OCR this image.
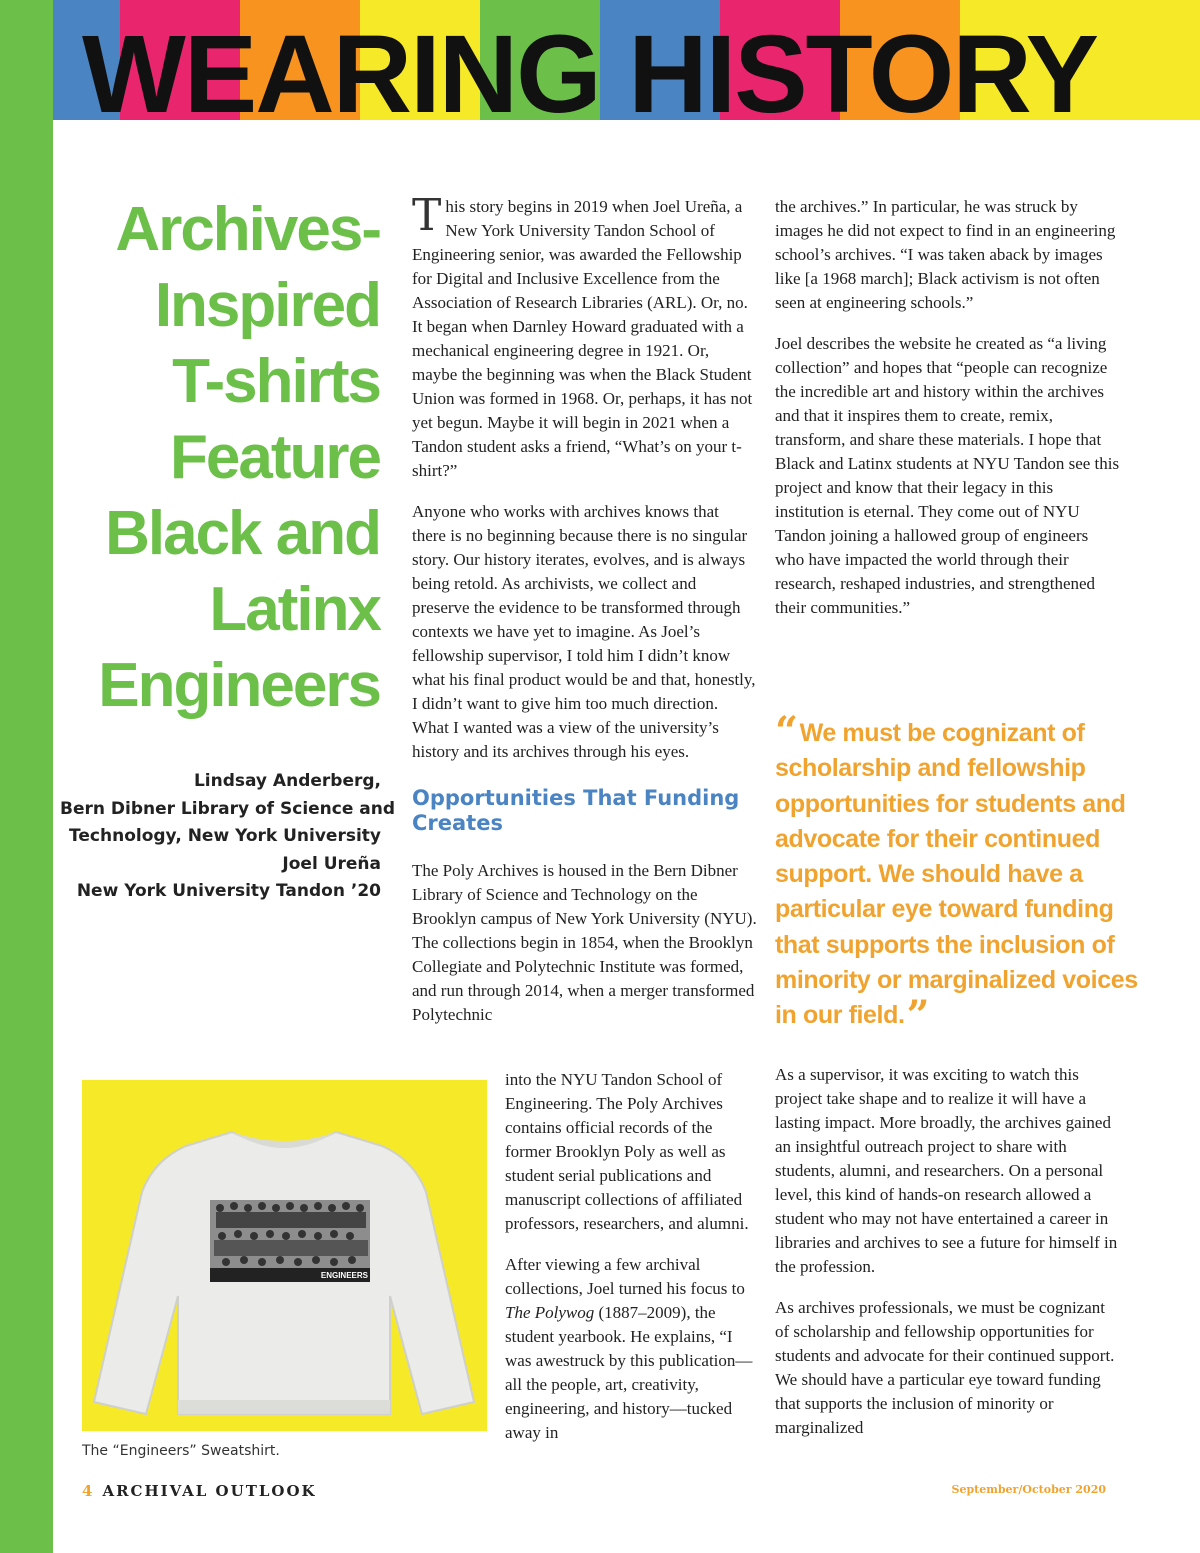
WEARING HISTORY
Archives-
Inspired
T-shirts
Feature
Black and
Latinx
Engineers
Lindsay Anderberg,
Bern Dibner Library of Science and
Technology, New York University
Joel Ureña
New York University Tandon ’20

This story begins in 2019 when Joel Ureña, a New York University Tandon School of Engineering senior, was awarded the Fellowship for Digital and Inclusive Excellence from the Association of Research Libraries (ARL). Or, no. It began when Darnley Howard graduated with a mechanical engineering degree in 1921. Or, maybe the beginning was when the Black Student Union was formed in 1968. Or, perhaps, it has not yet begun. Maybe it will begin in 2021 when a Tandon student asks a friend, “What’s on your t-shirt?”

Anyone who works with archives knows that there is no beginning because there is no singular story. Our history iterates, evolves, and is always being retold. As archivists, we collect and preserve the evidence to be transformed through contexts we have yet to imagine. As Joel’s fellowship supervisor, I told him I didn’t know what his final product would be and that, honestly, I didn’t want to give him too much direction. What I wanted was a view of the university’s history and its archives through his eyes.

Opportunities That Funding Creates

The Poly Archives is housed in the Bern Dibner Library of Science and Technology on the Brooklyn campus of New York University (NYU). The collections begin in 1854, when the Brooklyn Collegiate and Polytechnic Institute was formed, and run through 2014, when a merger transformed Polytechnic

ENGINEERS
The “Engineers” Sweatshirt.

into the NYU Tandon School of Engineering. The Poly Archives contains official records of the former Brooklyn Poly as well as student serial publications and manuscript collections of affiliated professors, researchers, and alumni.

After viewing a few archival collections, Joel turned his focus to The Polywog (1887–2009), the student yearbook. He explains, “I was awestruck by this publication—all the people, art, creativity, engineering, and history—tucked away in

the archives.” In particular, he was struck by images he did not expect to find in an engineering school’s archives. “I was taken aback by images like [a 1968 march]; Black activism is not often seen at engineering schools.”

Joel describes the website he created as “a living collection” and hopes that “people can recognize the incredible art and history within the archives and that it inspires them to create, remix, transform, and share these materials. I hope that Black and Latinx students at NYU Tandon see this project and know that their legacy in this institution is eternal. They come out of NYU Tandon joining a hallowed group of engineers who have impacted the world through their research, reshaped industries, and strengthened their communities.”

“We must be cognizant of
scholarship and fellowship
opportunities for students and
advocate for their continued
support. We should have a
particular eye toward funding
that supports the inclusion of
minority or marginalized voices
in our field.”

As a supervisor, it was exciting to watch this project take shape and to realize it will have a lasting impact. More broadly, the archives gained an insightful outreach project to share with students, alumni, and researchers. On a personal level, this kind of hands-on research allowed a student who may not have entertained a career in libraries and archives to see a future for himself in the profession.

As archives professionals, we must be cognizant of scholarship and fellowship opportunities for students and advocate for their continued support. We should have a particular eye toward funding that supports the inclusion of minority or marginalized

4 ARCHIVAL OUTLOOK	September/October 2020
